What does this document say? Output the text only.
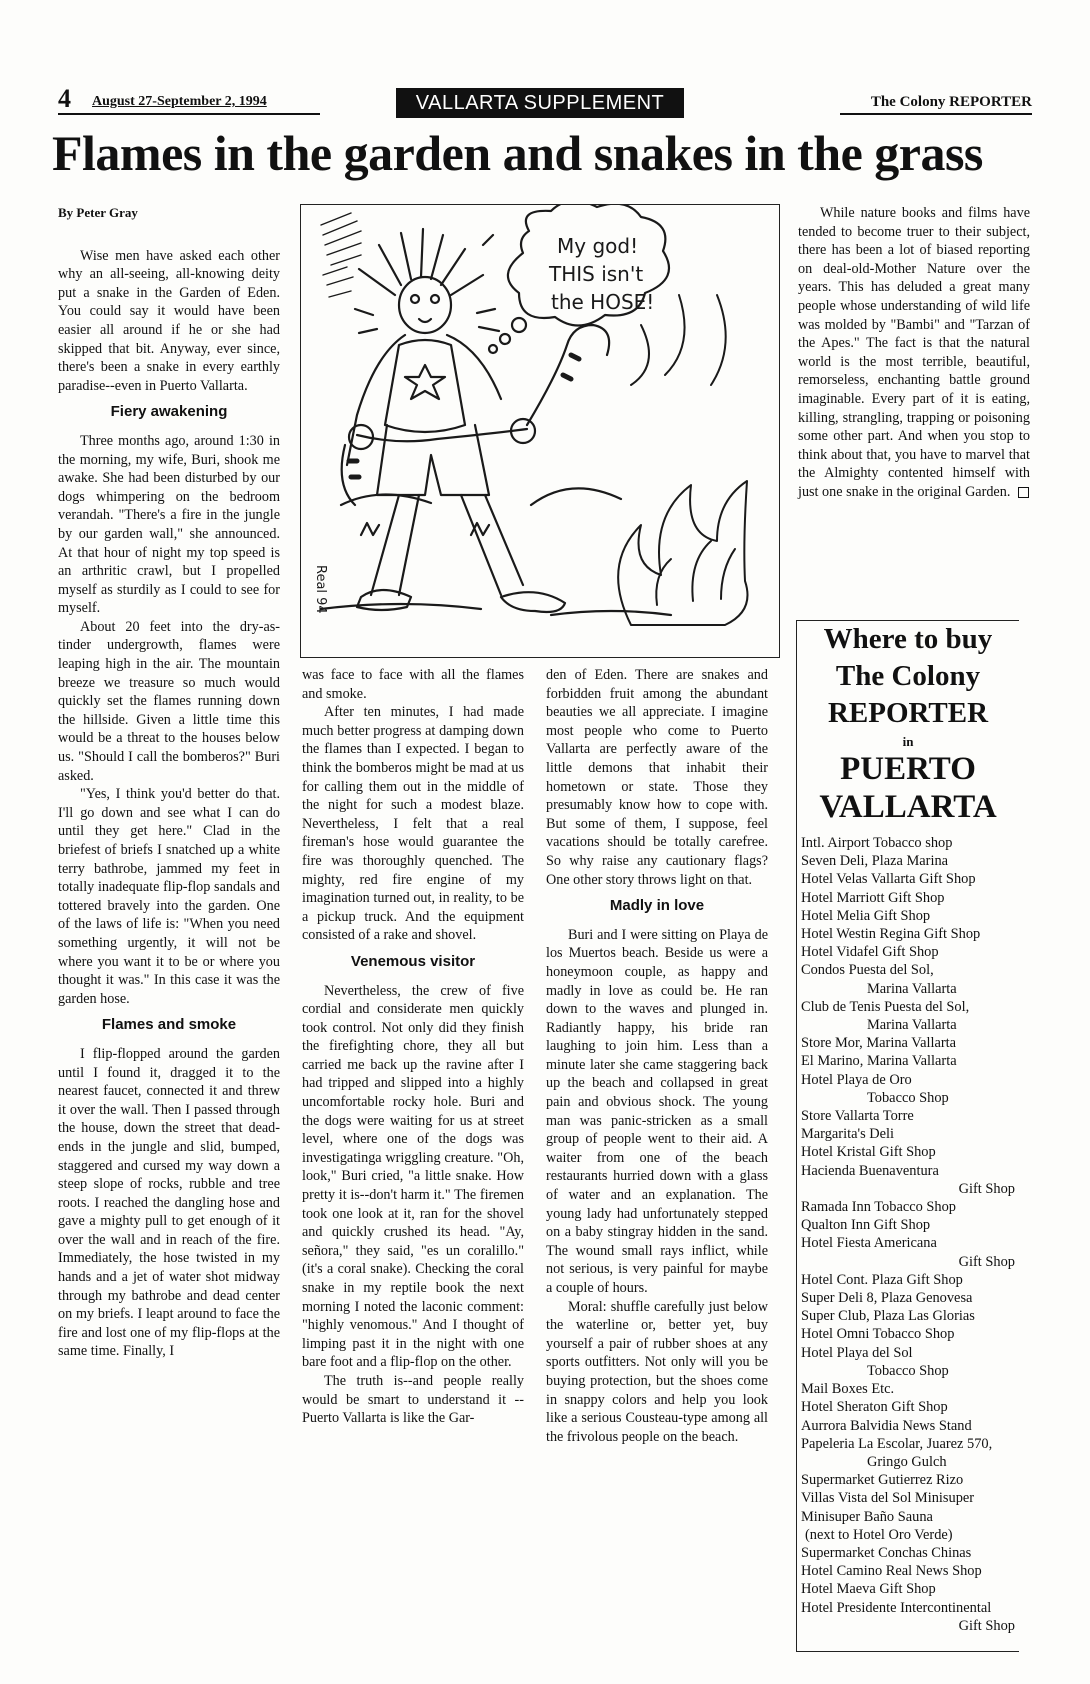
4 August 27-September 2, 1994	VALLARTA SUPPLEMENT	The Colony REPORTER
Flames in the garden and snakes in the grass

By Peter Gray

Wise men have asked each other why an all-seeing, all-knowing deity put a snake in the Garden of Eden. You could say it would have been easier all around if he or she had skipped that bit. Anyway, ever since, there's been a snake in every earthly paradise--even in Puerto Vallarta.

Fiery awakening

Three months ago, around 1:30 in the morning, my wife, Buri, shook me awake. She had been disturbed by our dogs whimpering on the bedroom verandah. "There's a fire in the jungle by our garden wall," she announced. At that hour of night my top speed is an arthritic crawl, but I propelled myself as sturdily as I could to see for myself.

About 20 feet into the dry-as-tinder undergrowth, flames were leaping high in the air. The mountain breeze we treasure so much would quickly set the flames running down the hillside. Given a little time this would be a threat to the houses below us. "Should I call the bomberos?" Buri asked.

"Yes, I think you'd better do that. I'll go down and see what I can do until they get here." Clad in the briefest of briefs I snatched up a white terry bathrobe, jammed my feet in totally inadequate flip-flop sandals and tottered bravely into the garden. One of the laws of life is: "When you need something urgently, it will not be where you want it to be or where you thought it was." In this case it was the garden hose.

Flames and smoke

I flip-flopped around the garden until I found it, dragged it to the nearest faucet, connected it and threw it over the wall. Then I passed through the house, down the street that dead-ends in the jungle and slid, bumped, staggered and cursed my way down a steep slope of rocks, rubble and tree roots. I reached the dangling hose and gave a mighty pull to get enough of it over the wall and in reach of the fire. Immediately, the hose twisted in my hands and a jet of water shot midway through my bathrobe and dead center on my briefs. I leapt around to face the fire and lost one of my flip-flops at the same time. Finally, I

My god!
THIS isn't
the HOSE!
Real 94

was face to face with all the flames and smoke.

After ten minutes, I had made much better progress at damping down the flames than I expected. I began to think the bomberos might be mad at us for calling them out in the middle of the night for such a modest blaze. Nevertheless, I felt that a real fireman's hose would guarantee the fire was thoroughly quenched. The mighty, red fire engine of my imagination turned out, in reality, to be a pickup truck. And the equipment consisted of a rake and shovel.

Venemous visitor

Nevertheless, the crew of five cordial and considerate men quickly took control. Not only did they finish the firefighting chore, they all but carried me back up the ravine after I had tripped and slipped into a highly uncomfortable rocky hole. Buri and the dogs were waiting for us at street level, where one of the dogs was investigatinga wriggling creature. "Oh, look," Buri cried, "a little snake. How pretty it is--don't harm it." The firemen took one look at it, ran for the shovel and quickly crushed its head. "Ay, señora," they said, "es un coralillo." (it's a coral snake). Checking the coral snake in my reptile book the next morning I noted the laconic comment: "highly venomous." And I thought of limping past it in the night with one bare foot and a flip-flop on the other.

The truth is--and people really would be smart to understand it --Puerto Vallarta is like the Gar-

den of Eden. There are snakes and forbidden fruit among the abundant beauties we all appreciate. I imagine most people who come to Puerto Vallarta are perfectly aware of the little demons that inhabit their hometown or state. Those they presumably know how to cope with. But some of them, I suppose, feel vacations should be totally carefree. So why raise any cautionary flags? One other story throws light on that.

Madly in love

Buri and I were sitting on Playa de los Muertos beach. Beside us were a honeymoon couple, as happy and madly in love as could be. He ran down to the waves and plunged in. Radiantly happy, his bride ran laughing to join him. Less than a minute later she came staggering back up the beach and collapsed in great pain and obvious shock. The young man was panic-stricken as a small group of people went to their aid. A waiter from one of the beach restaurants hurried down with a glass of water and an explanation. The young lady had unfortunately stepped on a baby stingray hidden in the sand. The wound small rays inflict, while not serious, is very painful for maybe a couple of hours.

Moral: shuffle carefully just below the waterline or, better yet, buy yourself a pair of rubber shoes at any sports outfitters. Not only will you be buying protection, but the shoes come in snappy colors and help you look like a serious Cousteau-type among all the frivolous people on the beach.

While nature books and films have tended to become truer to their subject, there has been a lot of biased reporting on deal-old-Mother Nature over the years. This has deluded a great many people whose understanding of wild life was molded by "Bambi" and "Tarzan of the Apes." The fact is that the natural world is the most terrible, beautiful, remorseless, enchanting battle ground imaginable. Every part of it is eating, killing, strangling, trapping or poisoning some other part. And when you stop to think about that, you have to marvel that the Almighty contented himself with just one snake in the original Garden.

Where to buy
The Colony
REPORTER
in
PUERTO
VALLARTA
Intl. Airport Tobacco shop
Seven Deli, Plaza Marina
Hotel Velas Vallarta Gift Shop
Hotel Marriott Gift Shop
Hotel Melia Gift Shop
Hotel Westin Regina Gift Shop
Hotel Vidafel Gift Shop
Condos Puesta del Sol,
Marina Vallarta
Club de Tenis Puesta del Sol,
Marina Vallarta
Store Mor, Marina Vallarta
El Marino, Marina Vallarta
Hotel Playa de Oro
Tobacco Shop
Store Vallarta Torre
Margarita's Deli
Hotel Kristal Gift Shop
Hacienda Buenaventura
Gift Shop
Ramada Inn Tobacco Shop
Qualton Inn Gift Shop
Hotel Fiesta Americana
Gift Shop
Hotel Cont. Plaza Gift Shop
Super Deli 8, Plaza Genovesa
Super Club, Plaza Las Glorias
Hotel Omni Tobacco Shop
Hotel Playa del Sol
Tobacco Shop
Mail Boxes Etc.
Hotel Sheraton Gift Shop
Aurrora Balvidia News Stand
Papeleria La Escolar, Juarez 570,
Gringo Gulch
Supermarket Gutierrez Rizo
Villas Vista del Sol Minisuper
Minisuper Baño Sauna
(next to Hotel Oro Verde)
Supermarket Conchas Chinas
Hotel Camino Real News Shop
Hotel Maeva Gift Shop
Hotel Presidente Intercontinental
Gift Shop
